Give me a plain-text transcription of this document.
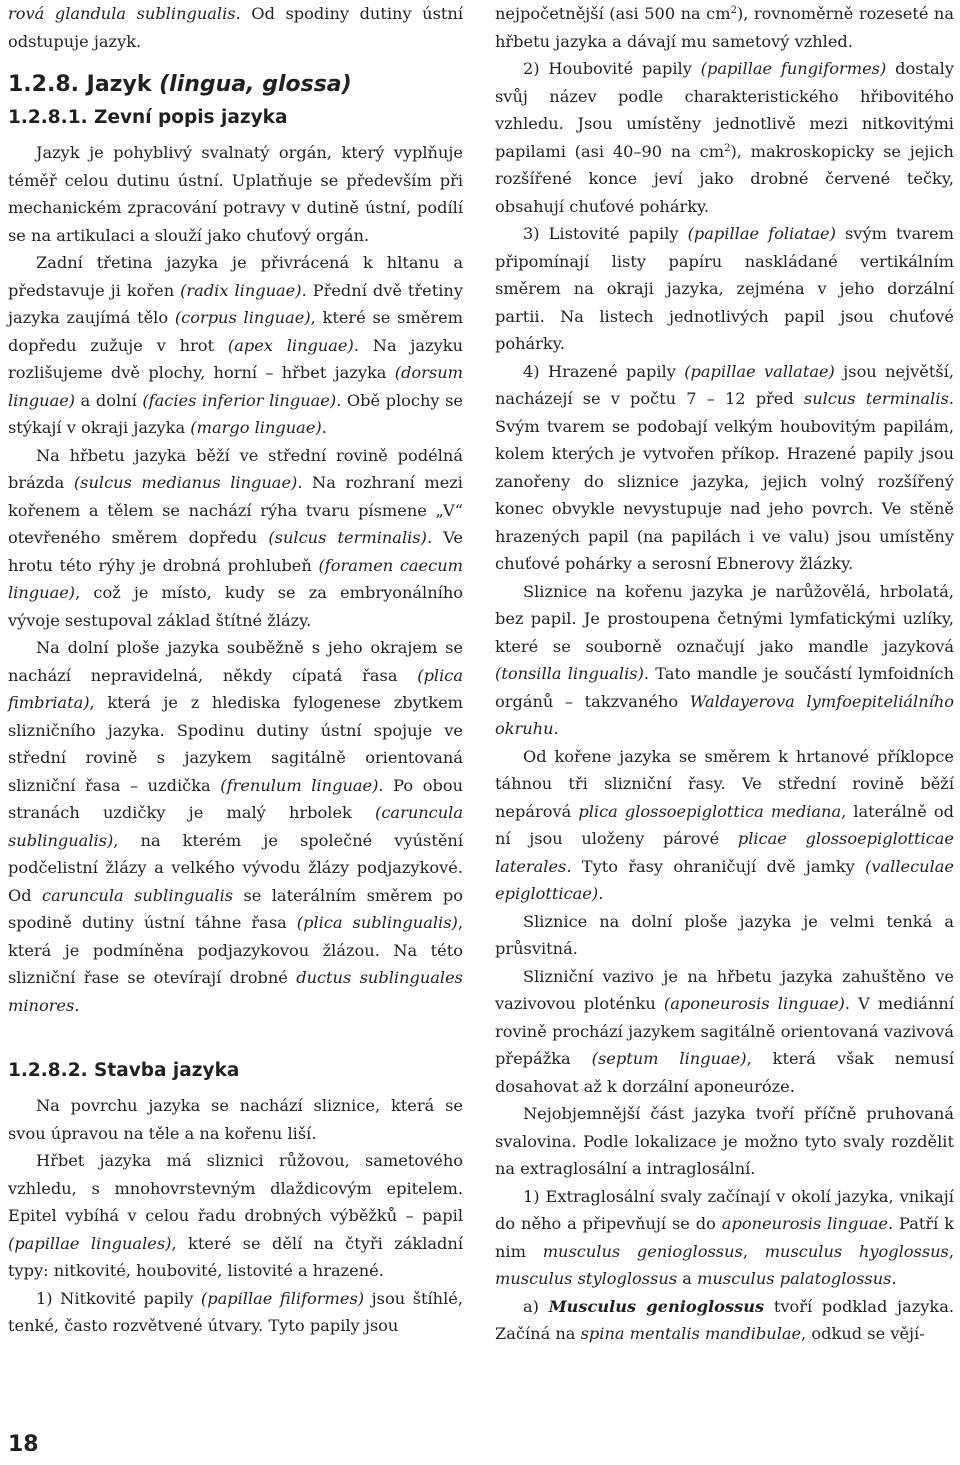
rová glandula sublingualis. Od spodiny dutiny ústní odstupuje jazyk.

1.2.8. Jazyk (lingua, glossa)
1.2.8.1. Zevní popis jazyka

Jazyk je pohyblivý svalnatý orgán, který vyplňuje téměř celou dutinu ústní. Uplatňuje se především při mechanickém zpracování potravy v dutině ústní, podílí se na artikulaci a slouží jako chuťový orgán.

Zadní třetina jazyka je přivrácená k hltanu a představuje ji kořen (radix linguae). Přední dvě třetiny jazyka zaujímá tělo (corpus linguae), které se směrem dopředu zužuje v hrot (apex linguae). Na jazyku rozlišujeme dvě plochy, horní – hřbet jazyka (dorsum linguae) a dolní (facies inferior linguae). Obě plochy se stýkají v okraji jazyka (margo linguae).

Na hřbetu jazyka běží ve střední rovině podélná brázda (sulcus medianus linguae). Na rozhraní mezi kořenem a tělem se nachází rýha tvaru písmene „V“ otevřeného směrem dopředu (sulcus terminalis). Ve hrotu této rýhy je drobná prohlubeň (foramen caecum linguae), což je místo, kudy se za embryonálního vývoje sestupoval základ štítné žlázy.

Na dolní ploše jazyka souběžně s jeho okrajem se nachází nepravidelná, někdy cípatá řasa (plica fimbriata), která je z hlediska fylogenese zbytkem slizničního jazyka. Spodinu dutiny ústní spojuje ve střední rovině s jazykem sagitálně orientovaná slizniční řasa – uzdička (frenulum linguae). Po obou stranách uzdičky je malý hrbolek (caruncula sublingualis), na kterém je společné vyústění podčelistní žlázy a velkého vývodu žlázy podjazykové. Od caruncula sublingualis se laterálním směrem po spodině dutiny ústní táhne řasa (plica sublingualis), která je podmíněna podjazykovou žlázou. Na této slizniční řase se otevírají drobné ductus sublinguales minores.

1.2.8.2. Stavba jazyka

Na povrchu jazyka se nachází sliznice, která se svou úpravou na těle a na kořenu liší.

Hřbet jazyka má sliznici růžovou, sametového vzhledu, s mnohovrstevným dlaždicovým epitelem. Epitel vybíhá v celou řadu drobných výběžků – papil (papillae linguales), které se dělí na čtyři základní typy: nitkovité, houbovité, listovité a hrazené.

1) Nitkovité papily (papillae filiformes) jsou štíhlé, tenké, často rozvětvené útvary. Tyto papily jsou

nejpočetnější (asi 500 na $cm^2$), rovnoměrně rozeseté na hřbetu jazyka a dávají mu sametový vzhled.

2) Houbovité papily (papillae fungiformes) dostaly svůj název podle charakteristického hřibovitého vzhledu. Jsou umístěny jednotlivě mezi nitkovitými papilami (asi 40–90 na $cm^2$), makroskopicky se jejich rozšířené konce jeví jako drobné červené tečky, obsahují chuťové pohárky.

3) Listovité papily (papillae foliatae) svým tvarem připomínají listy papíru naskládané vertikálním směrem na okraji jazyka, zejména v jeho dorzální partii. Na listech jednotlivých papil jsou chuťové pohárky.

4) Hrazené papily (papillae vallatae) jsou největší, nacházejí se v počtu 7 – 12 před sulcus terminalis. Svým tvarem se podobají velkým houbovitým papilám, kolem kterých je vytvořen příkop. Hrazené papily jsou zanořeny do sliznice jazyka, jejich volný rozšířený konec obvykle nevystupuje nad jeho povrch. Ve stěně hrazených papil (na papilách i ve valu) jsou umístěny chuťové pohárky a serosní Ebnerovy žlázky.

Sliznice na kořenu jazyka je narůžovělá, hrbolatá, bez papil. Je prostoupena četnými lymfatickými uzlíky, které se souborně označují jako mandle jazyková (tonsilla lingualis). Tato mandle je součástí lymfoidních orgánů – takzvaného Waldayerova lymfoepiteliálního okruhu.

Od kořene jazyka se směrem k hrtanové příklopce táhnou tři slizniční řasy. Ve střední rovině běží nepárová plica glossoepiglottica mediana, laterálně od ní jsou uloženy párové plicae glossoepiglotticae laterales. Tyto řasy ohraničují dvě jamky (valleculae epiglotticae).

Sliznice na dolní ploše jazyka je velmi tenká a průsvitná.

Slizniční vazivo je na hřbetu jazyka zahuštěno ve vazivovou ploténku (aponeurosis linguae). V mediánní rovině prochází jazykem sagitálně orientovaná vazivová přepážka (septum linguae), která však nemusí dosahovat až k dorzální aponeuróze.

Nejobjemnější část jazyka tvoří příčně pruhovaná svalovina. Podle lokalizace je možno tyto svaly rozdělit na extraglosální a intraglosální.

1) Extraglosální svaly začínají v okolí jazyka, vnikají do něho a připevňují se do aponeurosis linguae. Patří k nim musculus genioglossus, musculus hyoglossus, musculus styloglossus a musculus palatoglossus.

a) Musculus genioglossus tvoří podklad jazyka. Začíná na spina mentalis mandibulae, odkud se vějí-

18
